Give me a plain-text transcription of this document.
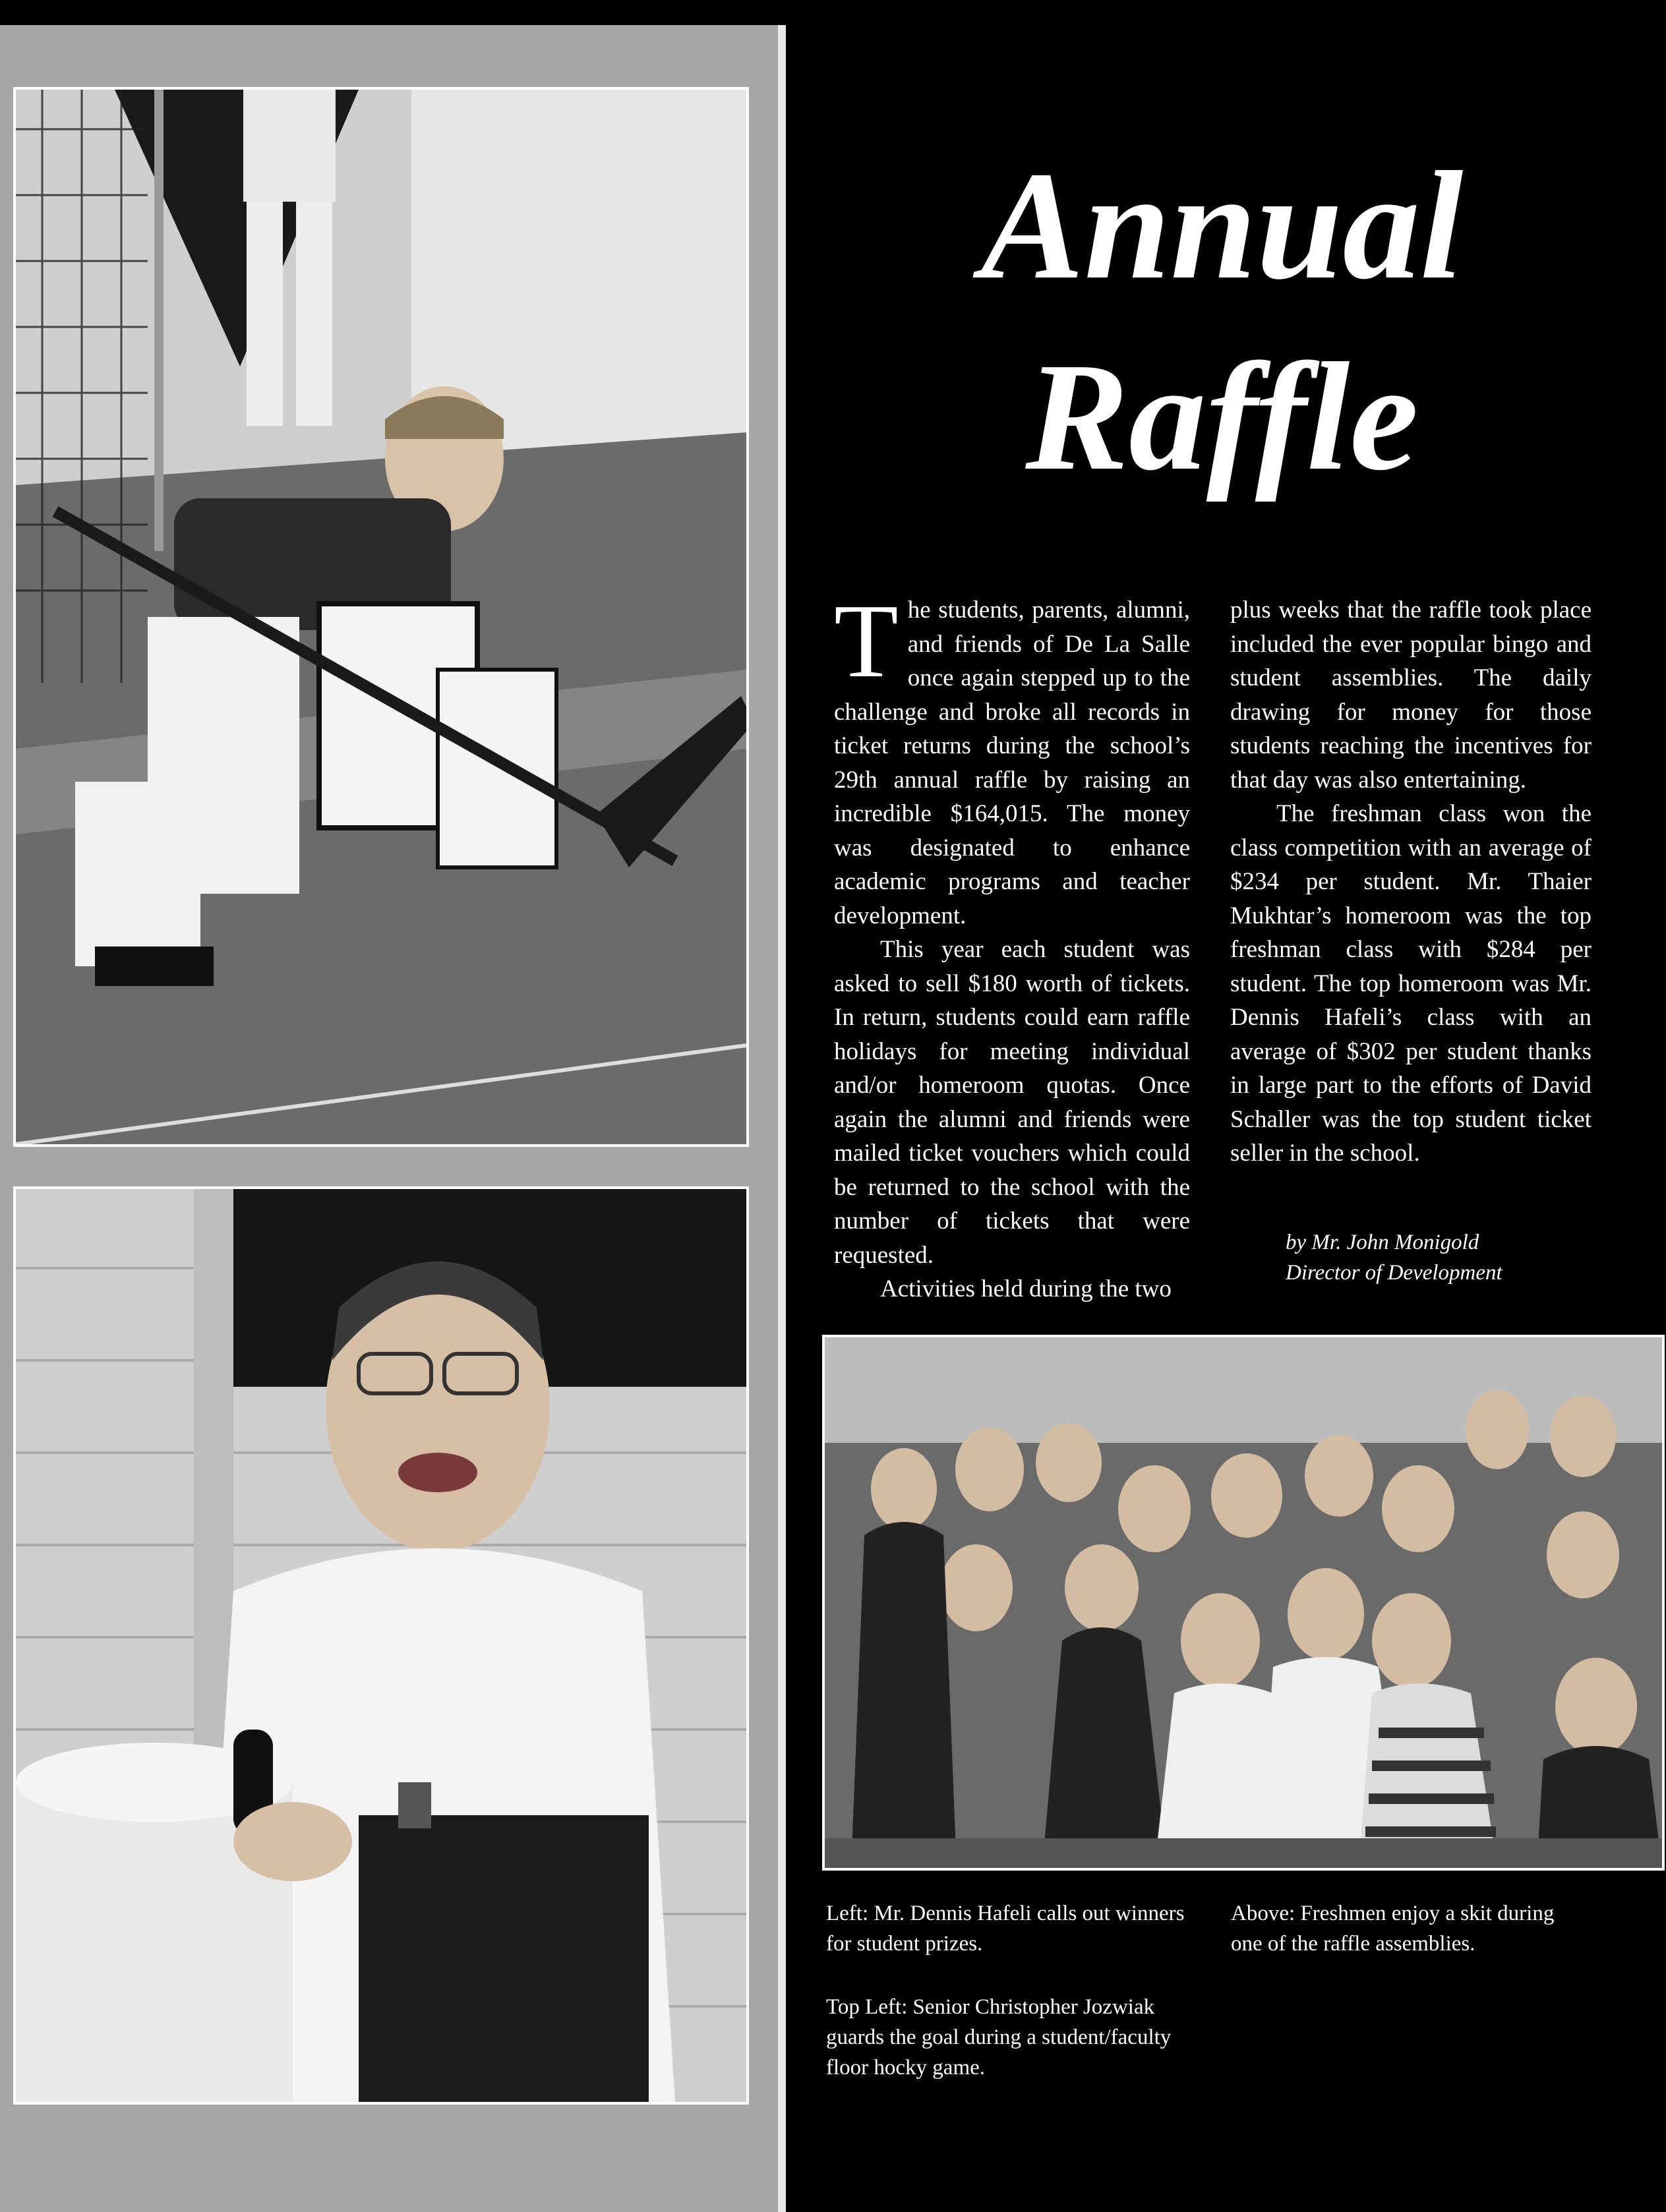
Annual
Raffle

The students, parents, alumni, and friends of De La Salle once again stepped up to the challenge and broke all records in ticket returns during the school’s 29th annual raffle by raising an incredible $164,015. The money was designated to enhance academic programs and teacher development.

This year each student was asked to sell $180 worth of tickets. In return, students could earn raffle holidays for meeting individual and/or homeroom quotas. Once again the alumni and friends were mailed ticket vouchers which could be returned to the school with the number of tickets that were requested.

Activities held during the two

plus weeks that the raffle took place included the ever popular bingo and student assemblies. The daily drawing for money for those students reaching the incentives for that day was also entertaining.

The freshman class won the class competition with an average of $234 per student. Mr. Thaier Mukhtar’s homeroom was the top freshman class with $284 per student. The top homeroom was Mr. Dennis Hafeli’s class with an average of $302 per student thanks in large part to the efforts of David Schaller was the top student ticket seller in the school.

by Mr. John Monigold
Director of Development
Left: Mr. Dennis Hafeli calls out winners for student prizes.
Top Left: Senior Christopher Jozwiak guards the goal during a student/faculty floor hocky game.
Above: Freshmen enjoy a skit during one of the raffle assemblies.
